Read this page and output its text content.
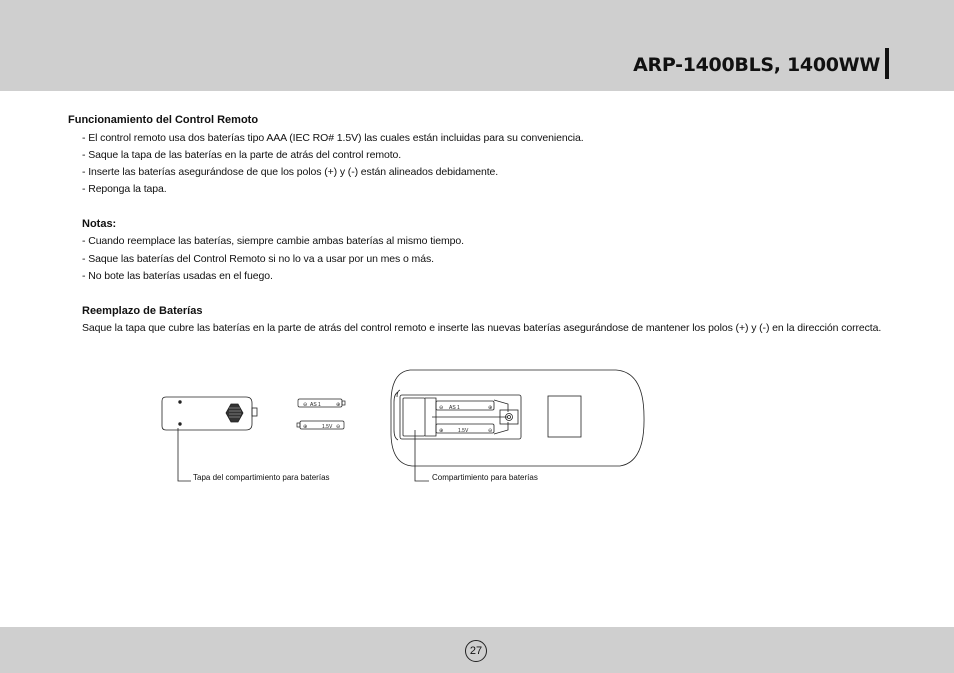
ARP-1400BLS, 1400WW
Funcionamiento del Control Remoto
- El control remoto usa dos baterías tipo AAA (IEC RO# 1.5V) las cuales están incluidas para su conveniencia.
- Saque la tapa de las baterías en la parte de atrás del control remoto.
- Inserte las baterías asegurándose de que los polos (+) y (-) están alineados debidamente.
- Reponga la tapa.
Notas:
- Cuando reemplace las baterías, siempre cambie ambas baterías al mismo tiempo.
- Saque las baterías del Control Remoto si no lo va a usar por un mes o más.
- No bote las baterías usadas en el fuego.
Reemplazo de Baterías
Saque la tapa que cubre las baterías en la parte de atrás del control remoto e inserte las nuevas baterías asegurándose de mantener los polos (+) y (-) en la dirección correcta.
⊖	⊕
AS 1
⊕	⊖
1.5V
⊖	⊕
⊕	⊖
AS 1
1.5V
Tapa del compartimiento para baterías	Compartimiento para baterías
27
